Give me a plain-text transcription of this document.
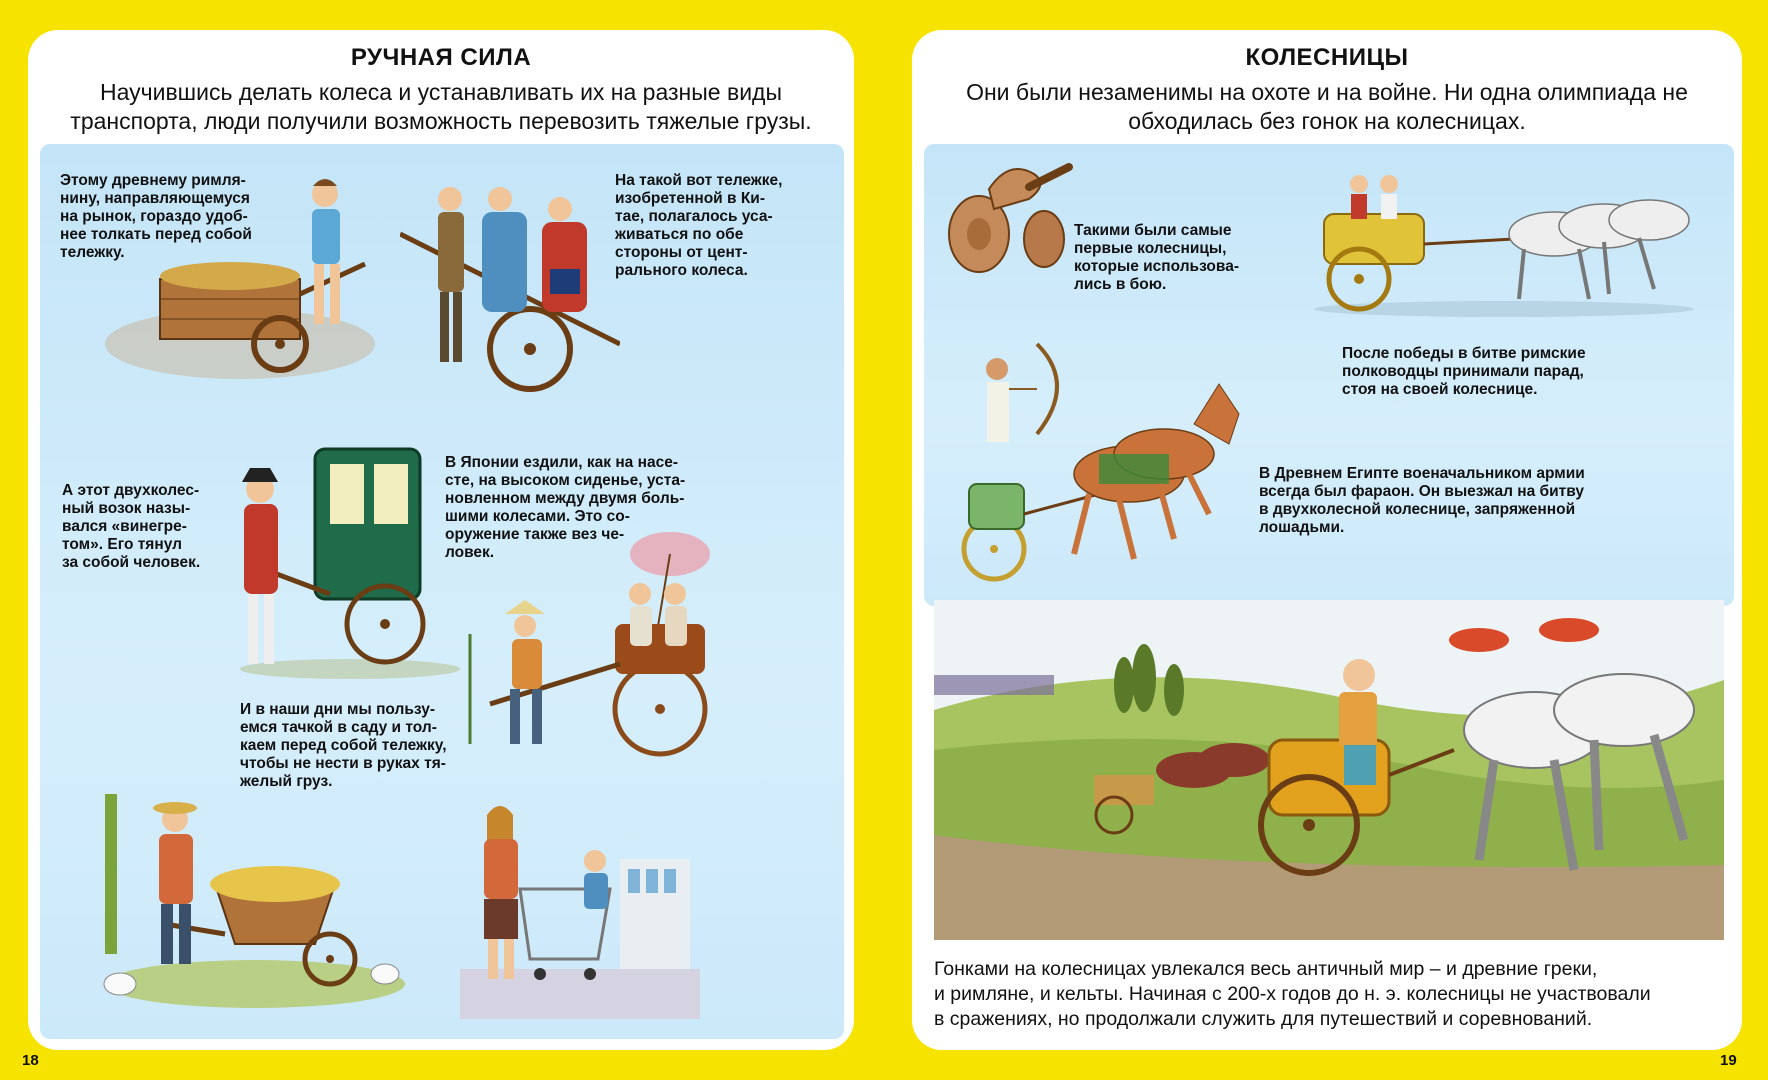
РУЧНАЯ СИЛА
Научившись делать колеса и устанавливать их на разные виды транспорта, люди получили возможность перевозить тяжелые грузы.
Этому древнему римля-
нину, направляющемуся
на рынок, гораздо удоб-
нее толкать перед собой
тележку.
На такой вот тележке,
изобретенной в Ки-
тае, полагалось уса-
живаться по обе
стороны от цент-
рального колеса.
А этот двухколес-
ный возок назы-
вался «винегре-
том». Его тянул
за собой человек.
В Японии ездили, как на насе-
сте, на высоком сиденье, уста-
новленном между двумя боль-
шими колесами. Это со-
оружение также вез че-
ловек.
И в наши дни мы пользу-
емся тачкой в саду и тол-
каем перед собой тележку,
чтобы не нести в руках тя-
желый груз.
КОЛЕСНИЦЫ
Они были незаменимы на охоте и на войне. Ни одна олимпиада не обходилась без гонок на колесницах.
Такими были самые
первые колесницы,
которые использова-
лись в бою.
После победы в битве римские
полководцы принимали парад,
стоя на своей колеснице.
В Древнем Египте военачальником армии
всегда был фараон. Он выезжал на битву
в двухколесной колеснице, запряженной
лошадьми.
Гонками на колесницах увлекался весь античный мир – и древние греки,
и римляне, и кельты. Начиная с 200-х годов до н. э. колесницы не участвовали
в сражениях, но продолжали служить для путешествий и соревнований.
18	19
